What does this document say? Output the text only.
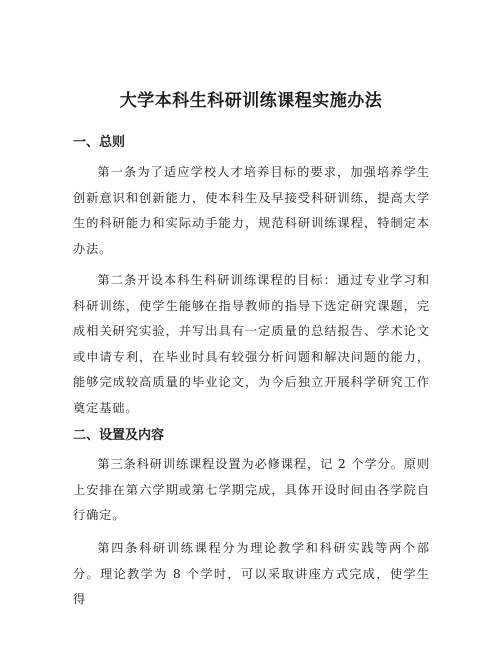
大学本科生科研训练课程实施办法
一、总则

第一条为了适应学校人才培养目标的要求，加强培养学生创新意识和创新能力，使本科生及早接受科研训练，提高大学生的科研能力和实际动手能力，规范科研训练课程，特制定本办法。

第二条开设本科生科研训练课程的目标：通过专业学习和科研训练，使学生能够在指导教师的指导下选定研究课题，完成相关研究实验，并写出具有一定质量的总结报告、学术论文或申请专利，在毕业时具有较强分析问题和解决问题的能力，能够完成较高质量的毕业论文，为今后独立开展科学研究工作奠定基础。

二、设置及内容

第三条科研训练课程设置为必修课程，记 2 个学分。原则上安排在第六学期或第七学期完成，具体开设时间由各学院自行确定。

第四条科研训练课程分为理论教学和科研实践等两个部分。理论教学为 8 个学时，可以采取讲座方式完成，使学生得
